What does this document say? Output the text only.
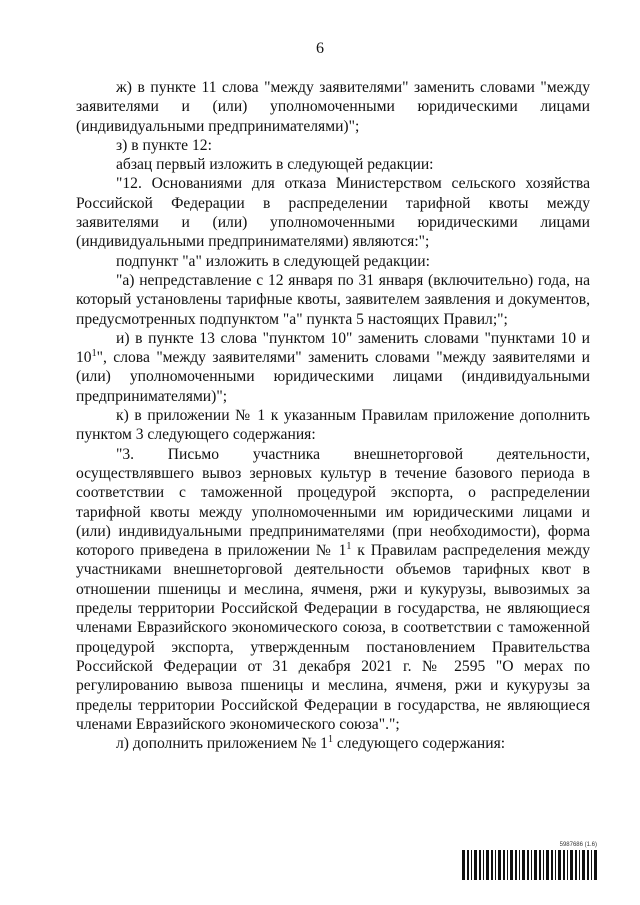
6

ж) в пункте 11 слова "между заявителями" заменить словами "между заявителями и (или) уполномоченными юридическими лицами (индивидуальными предпринимателями)";

з) в пункте 12:

абзац первый изложить в следующей редакции:

"12. Основаниями для отказа Министерством сельского хозяйства Российской Федерации в распределении тарифной квоты между заявителями и (или) уполномоченными юридическими лицами (индивидуальными предпринимателями) являются:";

подпункт "а" изложить в следующей редакции:

"а) непредставление с 12 января по 31 января (включительно) года, на который установлены тарифные квоты, заявителем заявления и документов, предусмотренных подпунктом "а" пункта 5 настоящих Правил;";

и) в пункте 13 слова "пунктом 10" заменить словами "пунктами 10 и $10^1$", слова "между заявителями" заменить словами "между заявителями и (или) уполномоченными юридическими лицами (индивидуальными предпринимателями)";

к) в приложении № 1 к указанным Правилам приложение дополнить пунктом 3 следующего содержания:

"3. Письмо участника внешнеторговой деятельности, осуществлявшего вывоз зерновых культур в течение базового периода в соответствии с таможенной процедурой экспорта, о распределении тарифной квоты между уполномоченными им юридическими лицами и (или) индивидуальными предпринимателями (при необходимости), форма которого приведена в приложении № $1^1$ к Правилам распределения между участниками внешнеторговой деятельности объемов тарифных квот в отношении пшеницы и меслина, ячменя, ржи и кукурузы, вывозимых за пределы территории Российской Федерации в государства, не являющиеся членами Евразийского экономического союза, в соответствии с таможенной процедурой экспорта, утвержденным постановлением Правительства Российской Федерации от 31 декабря 2021 г. № 2595 "О мерах по регулированию вывоза пшеницы и меслина, ячменя, ржи и кукурузы за пределы территории Российской Федерации в государства, не являющиеся членами Евразийского экономического союза".";

л) дополнить приложением № $1^1$ следующего содержания:

5987686 (1.6)
